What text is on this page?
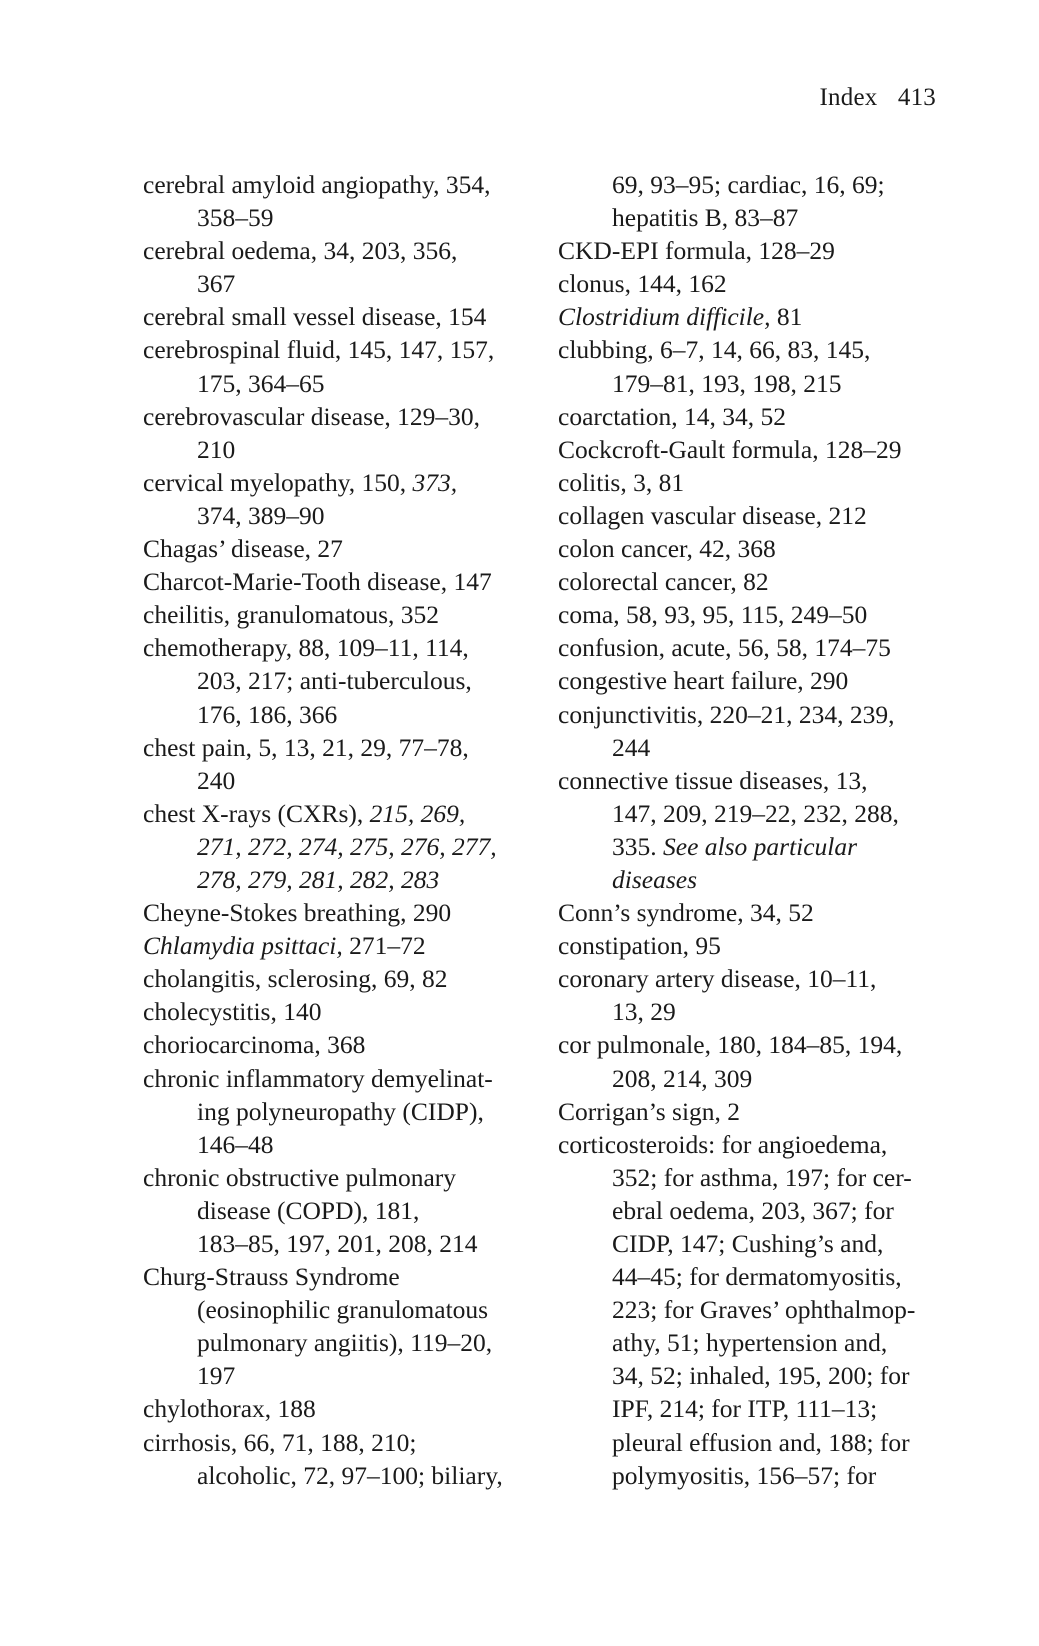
Index 413
cerebral amyloid angiopathy, 354,
358–59
cerebral oedema, 34, 203, 356,
367
cerebral small vessel disease, 154
cerebrospinal fluid, 145, 147, 157,
175, 364–65
cerebrovascular disease, 129–30,
210
cervical myelopathy, 150, 373,
374, 389–90
Chagas’ disease, 27
Charcot-Marie-Tooth disease, 147
cheilitis, granulomatous, 352
chemotherapy, 88, 109–11, 114,
203, 217; anti-tuberculous,
176, 186, 366
chest pain, 5, 13, 21, 29, 77–78,
240
chest X-rays (CXRs), 215, 269,
271, 272, 274, 275, 276, 277,
278, 279, 281, 282, 283
Cheyne-Stokes breathing, 290
Chlamydia psittaci, 271–72
cholangitis, sclerosing, 69, 82
cholecystitis, 140
choriocarcinoma, 368
chronic inflammatory demyelinat-
ing polyneuropathy (CIDP),
146–48
chronic obstructive pulmonary
disease (COPD), 181,
183–85, 197, 201, 208, 214
Churg-Strauss Syndrome
(eosinophilic granulomatous
pulmonary angiitis), 119–20,
197
chylothorax, 188
cirrhosis, 66, 71, 188, 210;
alcoholic, 72, 97–100; biliary,
69, 93–95; cardiac, 16, 69;
hepatitis B, 83–87
CKD-EPI formula, 128–29
clonus, 144, 162
Clostridium difficile, 81
clubbing, 6–7, 14, 66, 83, 145,
179–81, 193, 198, 215
coarctation, 14, 34, 52
Cockcroft-Gault formula, 128–29
colitis, 3, 81
collagen vascular disease, 212
colon cancer, 42, 368
colorectal cancer, 82
coma, 58, 93, 95, 115, 249–50
confusion, acute, 56, 58, 174–75
congestive heart failure, 290
conjunctivitis, 220–21, 234, 239,
244
connective tissue diseases, 13,
147, 209, 219–22, 232, 288,
335. See also particular
diseases
Conn’s syndrome, 34, 52
constipation, 95
coronary artery disease, 10–11,
13, 29
cor pulmonale, 180, 184–85, 194,
208, 214, 309
Corrigan’s sign, 2
corticosteroids: for angioedema,
352; for asthma, 197; for cer-
ebral oedema, 203, 367; for
CIDP, 147; Cushing’s and,
44–45; for dermatomyositis,
223; for Graves’ ophthalmop-
athy, 51; hypertension and,
34, 52; inhaled, 195, 200; for
IPF, 214; for ITP, 111–13;
pleural effusion and, 188; for
polymyositis, 156–57; for
